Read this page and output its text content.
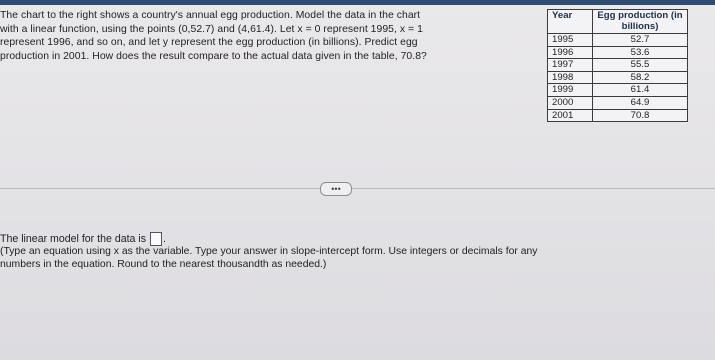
The chart to the right shows a country's annual egg production. Model the data in the chart
with a linear function, using the points (0,52.7) and (4,61.4). Let x = 0 represent 1995, x = 1
represent 1996, and so on, and let y represent the egg production (in billions). Predict egg
production in 2001. How does the result compare to the actual data given in the table, 70.8?
Year	Egg production (in billions)
1995	52.7
1996	53.6
1997	55.5
1998	58.2
1999	61.4
2000	64.9
2001	70.8
•••
The linear model for the data is .
(Type an equation using x as the variable. Type your answer in slope-intercept form. Use integers or decimals for any
numbers in the equation. Round to the nearest thousandth as needed.)
